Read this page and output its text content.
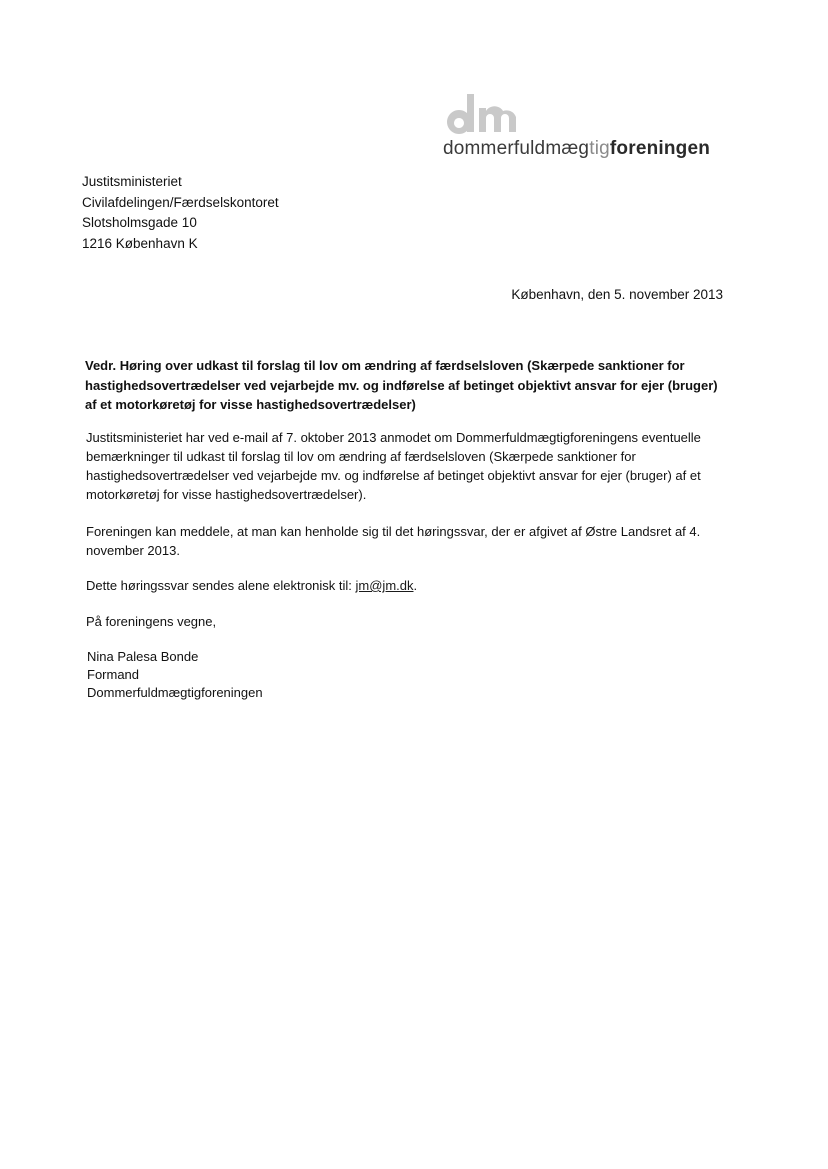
dommerfuldmægtigforeningen
Justitsministeriet
Civilafdelingen/Færdselskontoret
Slotsholmsgade 10
1216 København K
København, den 5. november 2013
Vedr. Høring over udkast til forslag til lov om ændring af færdselsloven (Skærpede sanktioner for hastighedsovertrædelser ved vejarbejde mv. og indførelse af betinget objektivt ansvar for ejer (bruger) af et motorkøretøj for visse hastighedsovertrædelser)
Justitsministeriet har ved e-mail af 7. oktober 2013 anmodet om Dommerfuldmægtigforeningens eventuelle bemærkninger til udkast til forslag til lov om ændring af færdselsloven (Skærpede sanktioner for hastighedsovertrædelser ved vejarbejde mv. og indførelse af betinget objektivt ansvar for ejer (bruger) af et motorkøretøj for visse hastighedsovertrædelser).
Foreningen kan meddele, at man kan henholde sig til det høringssvar, der er afgivet af Østre Landsret af 4. november 2013.
Dette høringssvar sendes alene elektronisk til: jm@jm.dk.
På foreningens vegne,
Nina Palesa Bonde
Formand
Dommerfuldmægtigforeningen
